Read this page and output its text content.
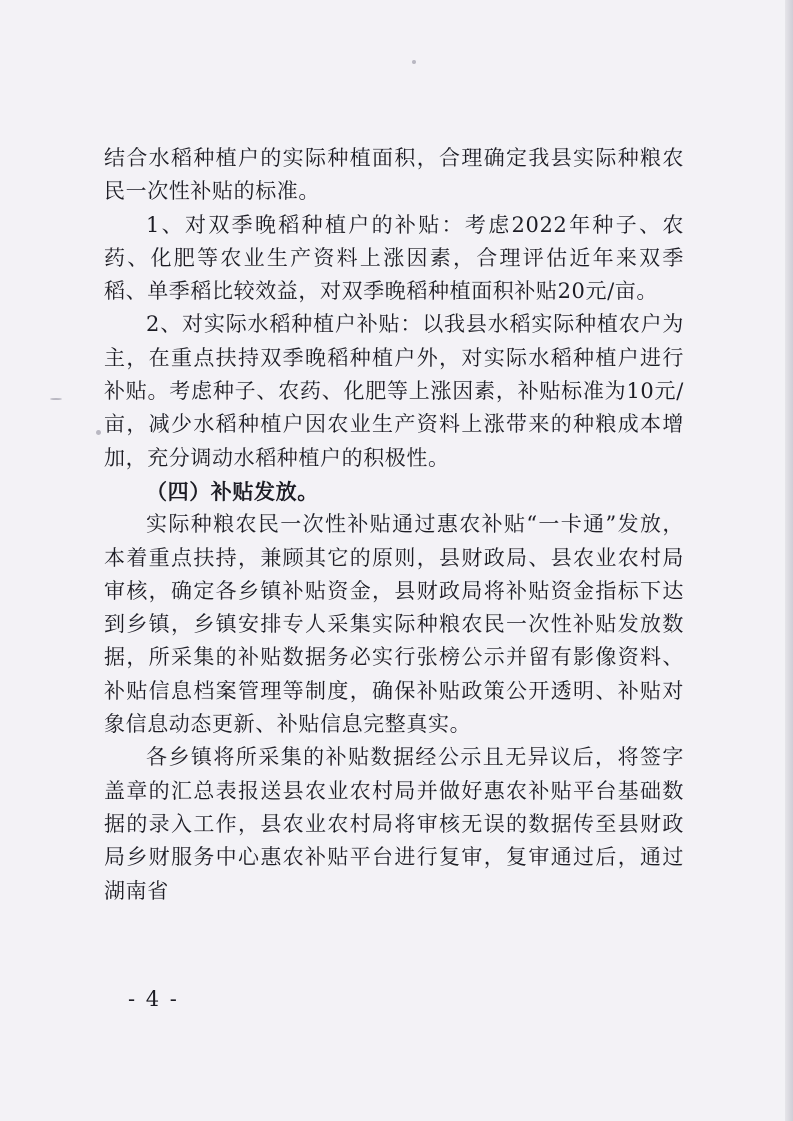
结合水稻种植户的实际种植面积，合理确定我县实际种粮农民一次性补贴的标准。

1、对双季晚稻种植户的补贴：考虑2022年种子、农药、化肥等农业生产资料上涨因素，合理评估近年来双季稻、单季稻比较效益，对双季晚稻种植面积补贴20元/亩。

2、对实际水稻种植户补贴：以我县水稻实际种植农户为主，在重点扶持双季晚稻种植户外，对实际水稻种植户进行补贴。考虑种子、农药、化肥等上涨因素，补贴标准为10元/亩，减少水稻种植户因农业生产资料上涨带来的种粮成本增加，充分调动水稻种植户的积极性。

（四）补贴发放。

实际种粮农民一次性补贴通过惠农补贴“一卡通”发放，本着重点扶持，兼顾其它的原则，县财政局、县农业农村局审核，确定各乡镇补贴资金，县财政局将补贴资金指标下达到乡镇，乡镇安排专人采集实际种粮农民一次性补贴发放数据，所采集的补贴数据务必实行张榜公示并留有影像资料、补贴信息档案管理等制度，确保补贴政策公开透明、补贴对象信息动态更新、补贴信息完整真实。

各乡镇将所采集的补贴数据经公示且无异议后，将签字盖章的汇总表报送县农业农村局并做好惠农补贴平台基础数据的录入工作，县农业农村局将审核无误的数据传至县财政局乡财服务中心惠农补贴平台进行复审，复审通过后，通过湖南省

- 4 -
